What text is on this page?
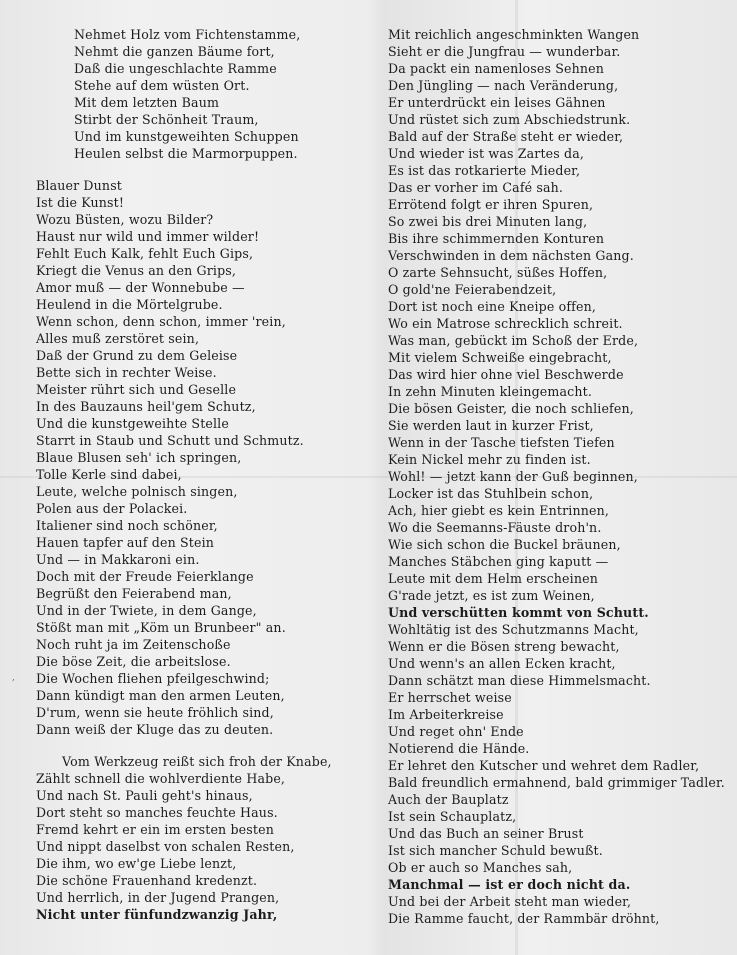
,
Nehmet Holz vom Fichtenstamme,
Nehmt die ganzen Bäume fort,
Daß die ungeschlachte Ramme
Stehe auf dem wüsten Ort.
Mit dem letzten Baum
Stirbt der Schönheit Traum,
Und im kunstgeweihten Schuppen
Heulen selbst die Marmorpuppen.
Blauer Dunst
Ist die Kunst!
Wozu Büsten, wozu Bilder?
Haust nur wild und immer wilder!
Fehlt Euch Kalk, fehlt Euch Gips,
Kriegt die Venus an den Grips,
Amor muß — der Wonnebube —
Heulend in die Mörtelgrube.
Wenn schon, denn schon, immer 'rein,
Alles muß zerstöret sein,
Daß der Grund zu dem Geleise
Bette sich in rechter Weise.
Meister rührt sich und Geselle
In des Bauzauns heil'gem Schutz,
Und die kunstgeweihte Stelle
Starrt in Staub und Schutt und Schmutz.
Blaue Blusen seh' ich springen,
Tolle Kerle sind dabei,
Leute, welche polnisch singen,
Polen aus der Polackei.
Italiener sind noch schöner,
Hauen tapfer auf den Stein
Und — in Makkaroni ein.
Doch mit der Freude Feierklange
Begrüßt den Feierabend man,
Und in der Twiete, in dem Gange,
Stößt man mit „Köm un Brunbeer" an.
Noch ruht ja im Zeitenschoße
Die böse Zeit, die arbeitslose.
Die Wochen fliehen pfeilgeschwind;
Dann kündigt man den armen Leuten,
D'rum, wenn sie heute fröhlich sind,
Dann weiß der Kluge das zu deuten.
Vom Werkzeug reißt sich froh der Knabe,
Zählt schnell die wohlverdiente Habe,
Und nach St. Pauli geht's hinaus,
Dort steht so manches feuchte Haus.
Fremd kehrt er ein im ersten besten
Und nippt daselbst von schalen Resten,
Die ihm, wo ew'ge Liebe lenzt,
Die schöne Frauenhand kredenzt.
Und herrlich, in der Jugend Prangen,
Nicht unter fünfundzwanzig Jahr,
Mit reichlich angeschminkten Wangen
Sieht er die Jungfrau — wunderbar.
Da packt ein namenloses Sehnen
Den Jüngling — nach Veränderung,
Er unterdrückt ein leises Gähnen
Und rüstet sich zum Abschiedstrunk.
Bald auf der Straße steht er wieder,
Und wieder ist was Zartes da,
Es ist das rotkarierte Mieder,
Das er vorher im Café sah.
Errötend folgt er ihren Spuren,
So zwei bis drei Minuten lang,
Bis ihre schimmernden Konturen
Verschwinden in dem nächsten Gang.
O zarte Sehnsucht, süßes Hoffen,
O gold'ne Feierabendzeit,
Dort ist noch eine Kneipe offen,
Wo ein Matrose schrecklich schreit.
Was man, gebückt im Schoß der Erde,
Mit vielem Schweiße eingebracht,
Das wird hier ohne viel Beschwerde
In zehn Minuten kleingemacht.
Die bösen Geister, die noch schliefen,
Sie werden laut in kurzer Frist,
Wenn in der Tasche tiefsten Tiefen
Kein Nickel mehr zu finden ist.
Wohl! — jetzt kann der Guß beginnen,
Locker ist das Stuhlbein schon,
Ach, hier giebt es kein Entrinnen,
Wo die Seemanns-Fäuste droh'n.
Wie sich schon die Buckel bräunen,
Manches Stäbchen ging kaputt —
Leute mit dem Helm erscheinen
G'rade jetzt, es ist zum Weinen,
Und verschütten kommt von Schutt.
Wohltätig ist des Schutzmanns Macht,
Wenn er die Bösen streng bewacht,
Und wenn's an allen Ecken kracht,
Dann schätzt man diese Himmelsmacht.
Er herrschet weise
Im Arbeiterkreise
Und reget ohn' Ende
Notierend die Hände.
Er lehret den Kutscher und wehret dem Radler,
Bald freundlich ermahnend, bald grimmiger Tadler.
Auch der Bauplatz
Ist sein Schauplatz,
Und das Buch an seiner Brust
Ist sich mancher Schuld bewußt.
Ob er auch so Manches sah,
Manchmal — ist er doch nicht da.
Und bei der Arbeit steht man wieder,
Die Ramme faucht, der Rammbär dröhnt,
